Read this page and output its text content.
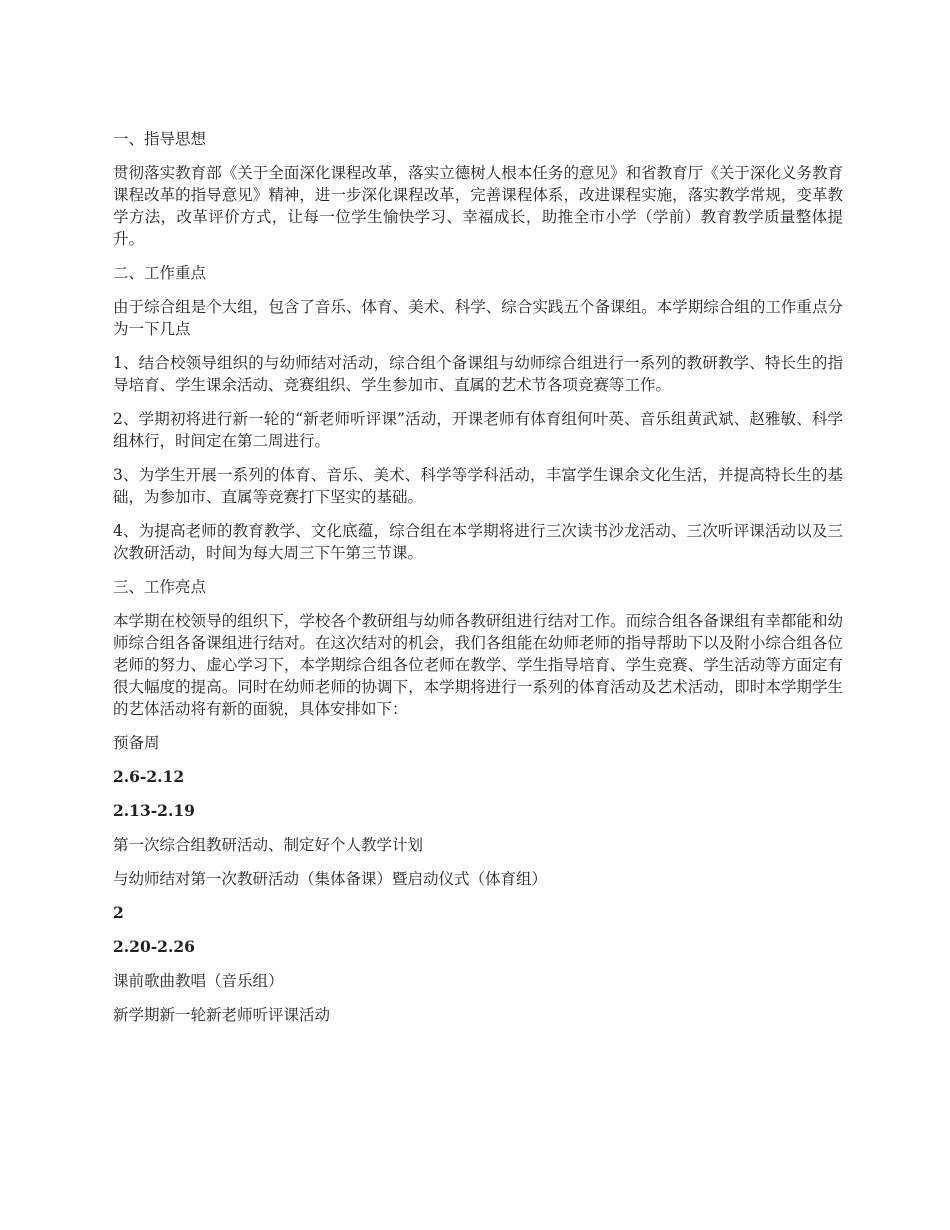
一、指导思想

贯彻落实教育部《关于全面深化课程改革，落实立德树人根本任务的意见》和省教育厅《关于深化义务教育课程改革的指导意见》精神，进一步深化课程改革，完善课程体系，改进课程实施，落实教学常规，变革教学方法，改革评价方式，让每一位学生愉快学习、幸福成长，助推全市小学（学前）教育教学质量整体提升。

二、工作重点

由于综合组是个大组，包含了音乐、体育、美术、科学、综合实践五个备课组。本学期综合组的工作重点分为一下几点

1、结合校领导组织的与幼师结对活动，综合组个备课组与幼师综合组进行一系列的教研教学、特长生的指导培育、学生课余活动、竞赛组织、学生参加市、直属的艺术节各项竞赛等工作。

2、学期初将进行新一轮的“新老师听评课”活动，开课老师有体育组何叶英、音乐组黄武斌、赵雅敏、科学组林行，时间定在第二周进行。

3、为学生开展一系列的体育、音乐、美术、科学等学科活动，丰富学生课余文化生活，并提高特长生的基础，为参加市、直属等竞赛打下坚实的基础。

4、为提高老师的教育教学、文化底蕴，综合组在本学期将进行三次读书沙龙活动、三次听评课活动以及三次教研活动，时间为每大周三下午第三节课。

三、工作亮点

本学期在校领导的组织下，学校各个教研组与幼师各教研组进行结对工作。而综合组各备课组有幸都能和幼师综合组各备课组进行结对。在这次结对的机会，我们各组能在幼师老师的指导帮助下以及附小综合组各位老师的努力、虚心学习下，本学期综合组各位老师在教学、学生指导培育、学生竞赛、学生活动等方面定有很大幅度的提高。同时在幼师老师的协调下，本学期将进行一系列的体育活动及艺术活动，即时本学期学生的艺体活动将有新的面貌，具体安排如下：

预备周

2.6-2.12

2.13-2.19

第一次综合组教研活动、制定好个人教学计划

与幼师结对第一次教研活动（集体备课）暨启动仪式（体育组）

2

2.20-2.26

课前歌曲教唱（音乐组）

新学期新一轮新老师听评课活动
